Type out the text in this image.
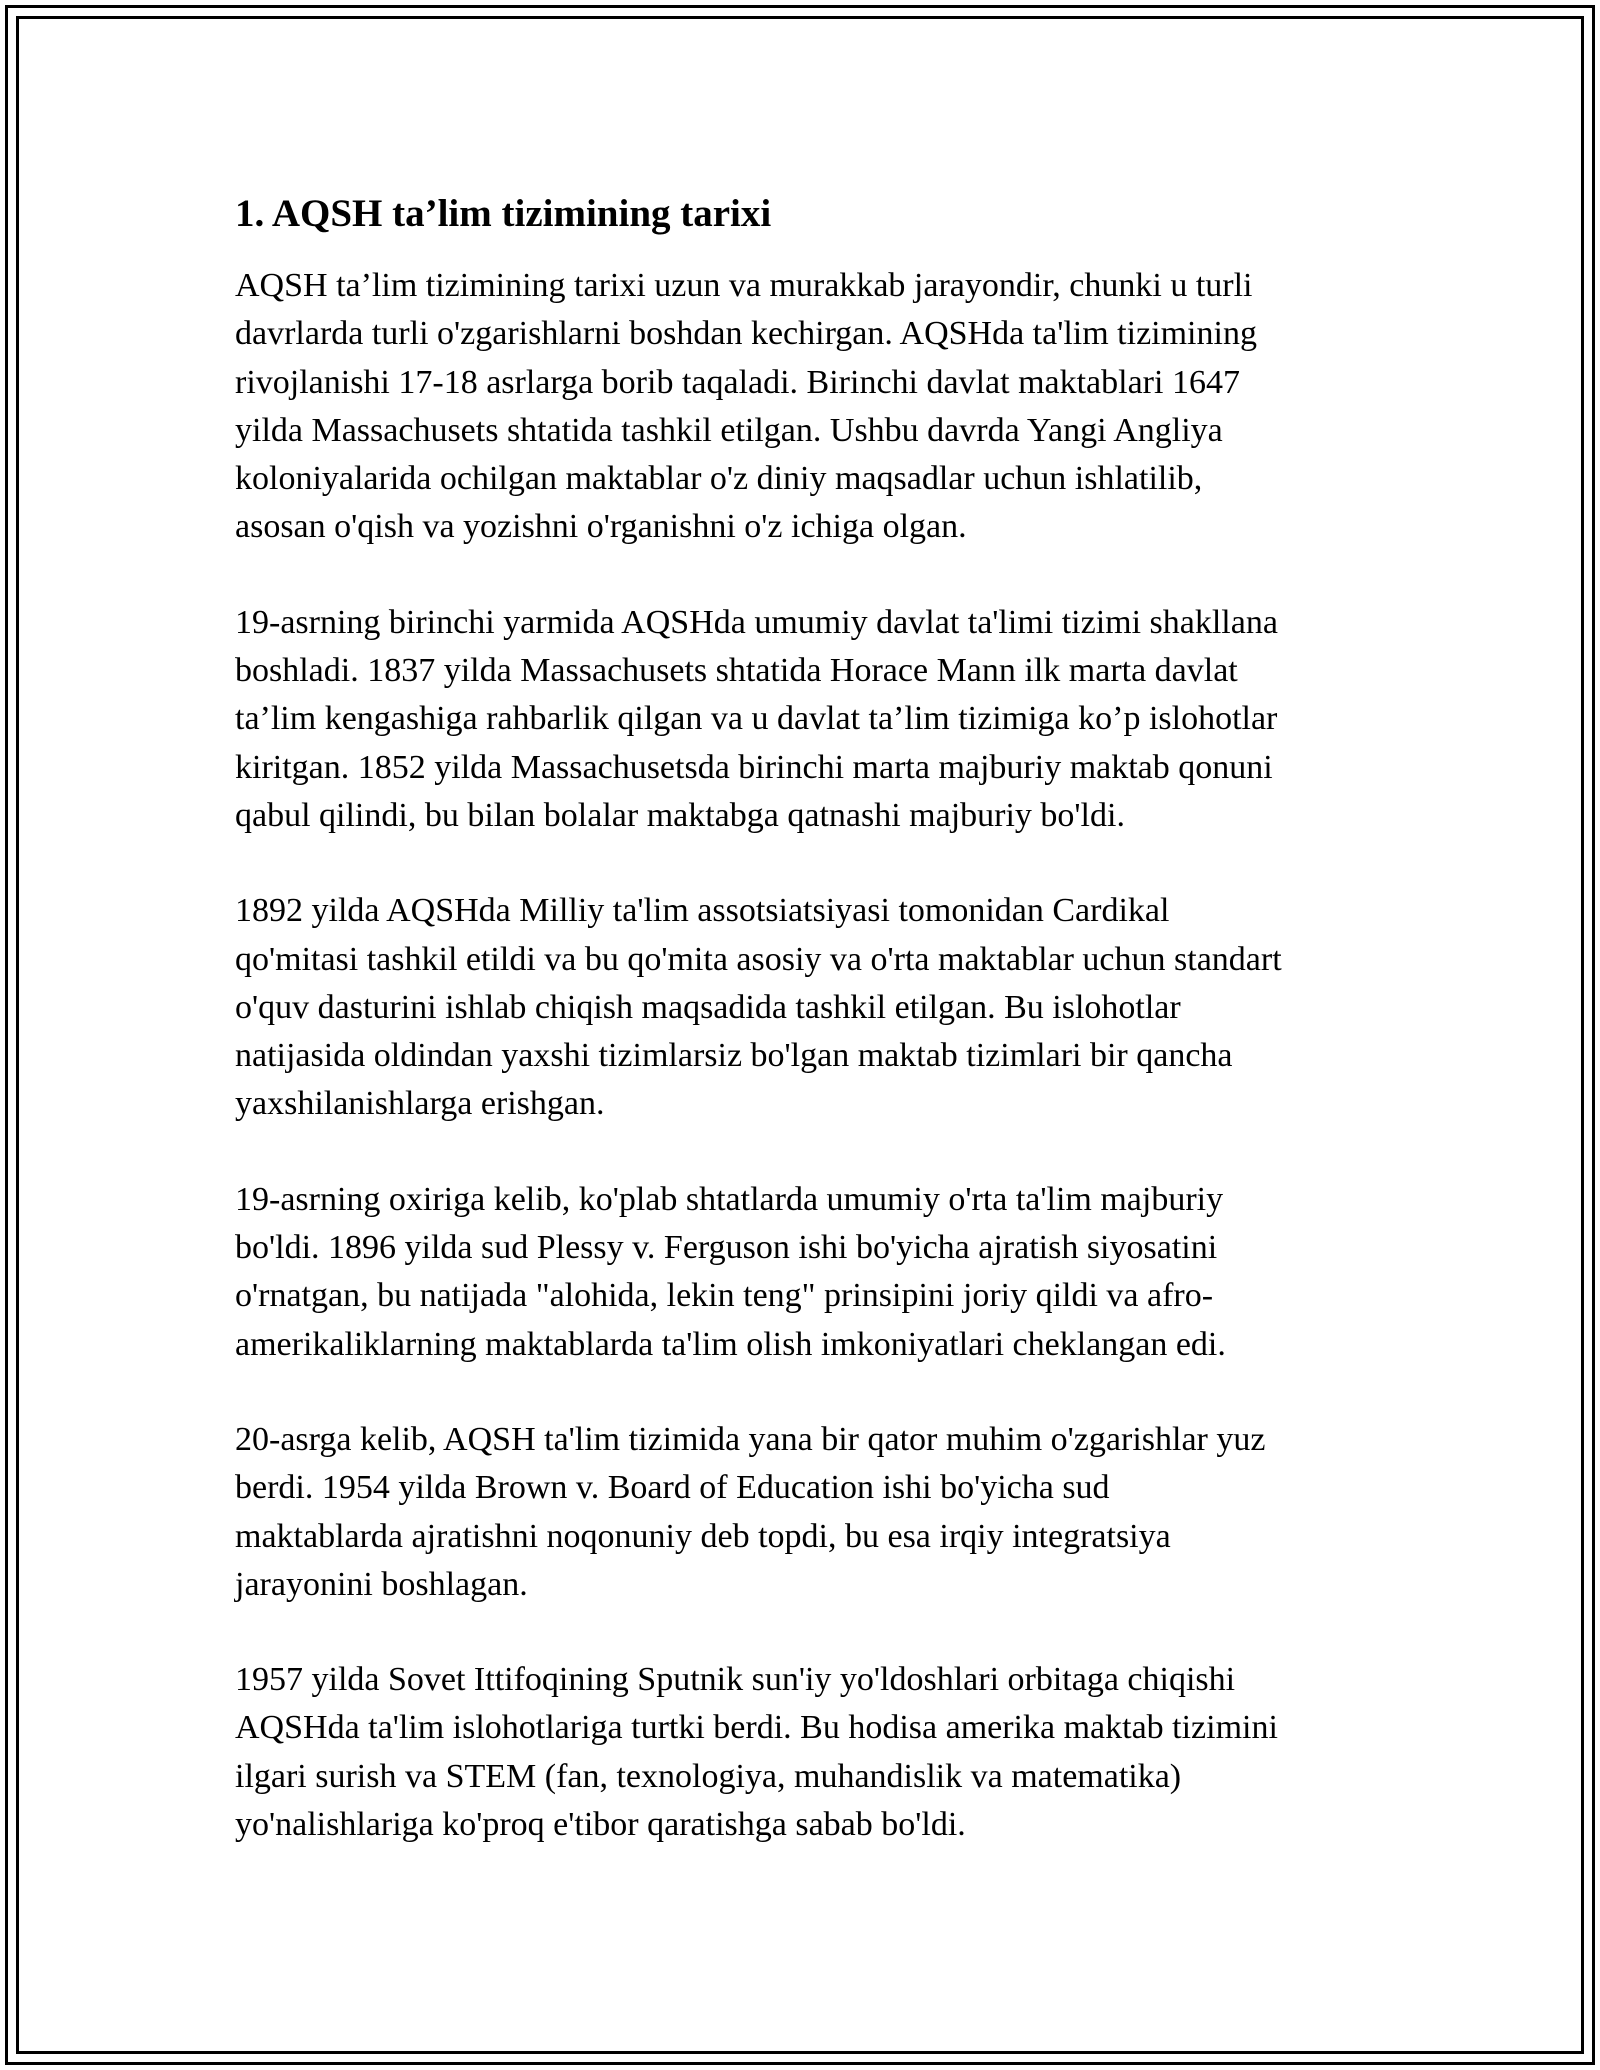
1. AQSH ta’lim tizimining tarixi

AQSH ta’lim tizimining tarixi uzun va murakkab jarayondir, chunki u turli
davrlarda turli o'zgarishlarni boshdan kechirgan. AQSHda ta'lim tizimining
rivojlanishi 17-18 asrlarga borib taqaladi. Birinchi davlat maktablari 1647
yilda Massachusets shtatida tashkil etilgan. Ushbu davrda Yangi Angliya
koloniyalarida ochilgan maktablar o'z diniy maqsadlar uchun ishlatilib,
asosan o'qish va yozishni o'rganishni o'z ichiga olgan.

19-asrning birinchi yarmida AQSHda umumiy davlat ta'limi tizimi shakllana
boshladi. 1837 yilda Massachusets shtatida Horace Mann ilk marta davlat
ta’lim kengashiga rahbarlik qilgan va u davlat ta’lim tizimiga ko’p islohotlar
kiritgan. 1852 yilda Massachusetsda birinchi marta majburiy maktab qonuni
qabul qilindi, bu bilan bolalar maktabga qatnashi majburiy bo'ldi.

1892 yilda AQSHda Milliy ta'lim assotsiatsiyasi tomonidan Cardikal
qo'mitasi tashkil etildi va bu qo'mita asosiy va o'rta maktablar uchun standart
o'quv dasturini ishlab chiqish maqsadida tashkil etilgan. Bu islohotlar
natijasida oldindan yaxshi tizimlarsiz bo'lgan maktab tizimlari bir qancha
yaxshilanishlarga erishgan.

19-asrning oxiriga kelib, ko'plab shtatlarda umumiy o'rta ta'lim majburiy
bo'ldi. 1896 yilda sud Plessy v. Ferguson ishi bo'yicha ajratish siyosatini
o'rnatgan, bu natijada "alohida, lekin teng" prinsipini joriy qildi va afro-
amerikaliklarning maktablarda ta'lim olish imkoniyatlari cheklangan edi.

20-asrga kelib, AQSH ta'lim tizimida yana bir qator muhim o'zgarishlar yuz
berdi. 1954 yilda Brown v. Board of Education ishi bo'yicha sud
maktablarda ajratishni noqonuniy deb topdi, bu esa irqiy integratsiya
jarayonini boshlagan.

1957 yilda Sovet Ittifoqining Sputnik sun'iy yo'ldoshlari orbitaga chiqishi
AQSHda ta'lim islohotlariga turtki berdi. Bu hodisa amerika maktab tizimini
ilgari surish va STEM (fan, texnologiya, muhandislik va matematika)
yo'nalishlariga ko'proq e'tibor qaratishga sabab bo'ldi.
